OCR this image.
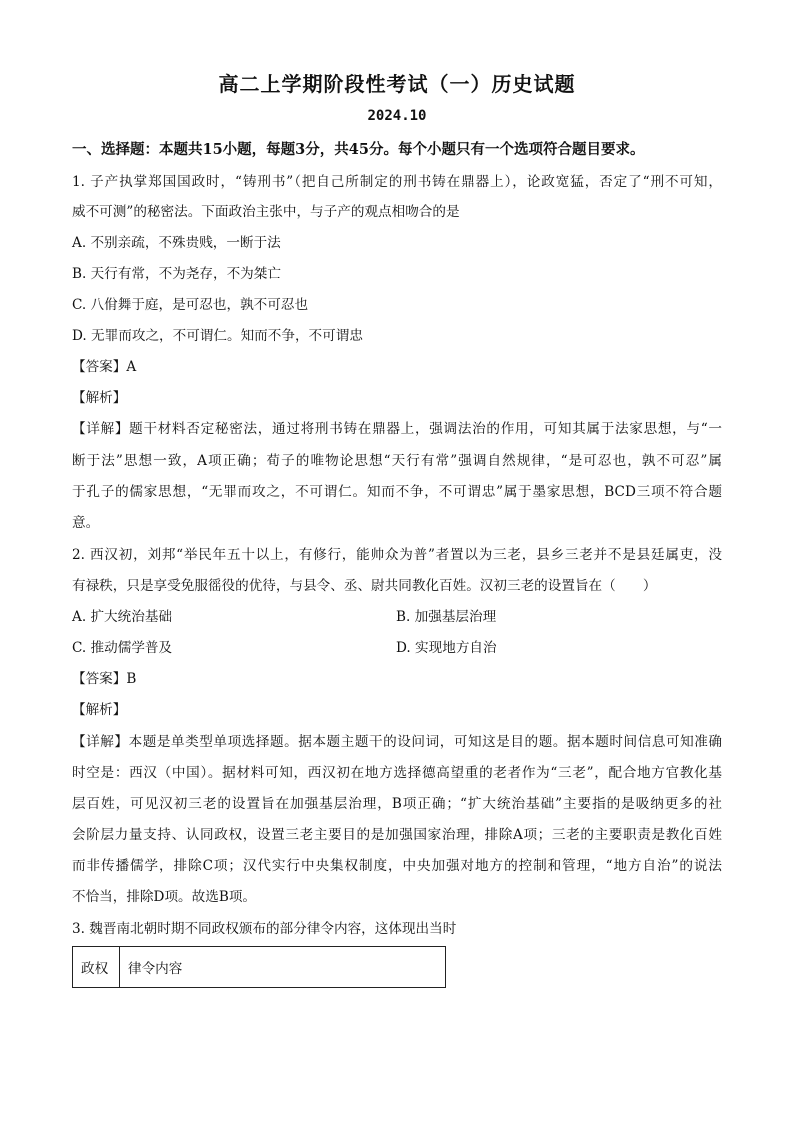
高二上学期阶段性考试（一）历史试题
2024.10
一、选择题：本题共15小题，每题3分，共45分。每个小题只有一个选项符合题目要求。
1. 子产执掌郑国国政时，“铸刑书”（把自己所制定的刑书铸在鼎器上），论政宽猛，否定了“刑不可知，
威不可测”的秘密法。下面政治主张中，与子产的观点相吻合的是
A. 不别亲疏，不殊贵贱，一断于法
B. 天行有常，不为尧存，不为桀亡
C. 八佾舞于庭，是可忍也，孰不可忍也
D. 无罪而攻之，不可谓仁。知而不争，不可谓忠
【答案】A
【解析】
【详解】题干材料否定秘密法，通过将刑书铸在鼎器上，强调法治的作用，可知其属于法家思想，与“一
断于法”思想一致，A项正确；荀子的唯物论思想“天行有常”强调自然规律，“是可忍也，孰不可忍”属
于孔子的儒家思想，“无罪而攻之，不可谓仁。知而不争，不可谓忠”属于墨家思想，BCD三项不符合题
意。
2. 西汉初，刘邦“举民年五十以上，有修行，能帅众为普”者置以为三老，县乡三老并不是县廷属吏，没
有禄秩，只是享受免服徭役的优待，与县令、丞、尉共同教化百姓。汉初三老的设置旨在（　　）
A. 扩大统治基础	B. 加强基层治理
C. 推动儒学普及	D. 实现地方自治
【答案】B
【解析】
【详解】本题是单类型单项选择题。据本题主题干的设问词，可知这是目的题。据本题时间信息可知准确
时空是：西汉（中国）。据材料可知，西汉初在地方选择德高望重的老者作为“三老”，配合地方官教化基
层百姓，可见汉初三老的设置旨在加强基层治理，B项正确；“扩大统治基础”主要指的是吸纳更多的社
会阶层力量支持、认同政权，设置三老主要目的是加强国家治理，排除A项；三老的主要职责是教化百姓
而非传播儒学，排除C项；汉代实行中央集权制度，中央加强对地方的控制和管理，“地方自治”的说法
不恰当，排除D项。故选B项。
3. 魏晋南北朝时期不同政权颁布的部分律令内容，这体现出当时
政权	律令内容
